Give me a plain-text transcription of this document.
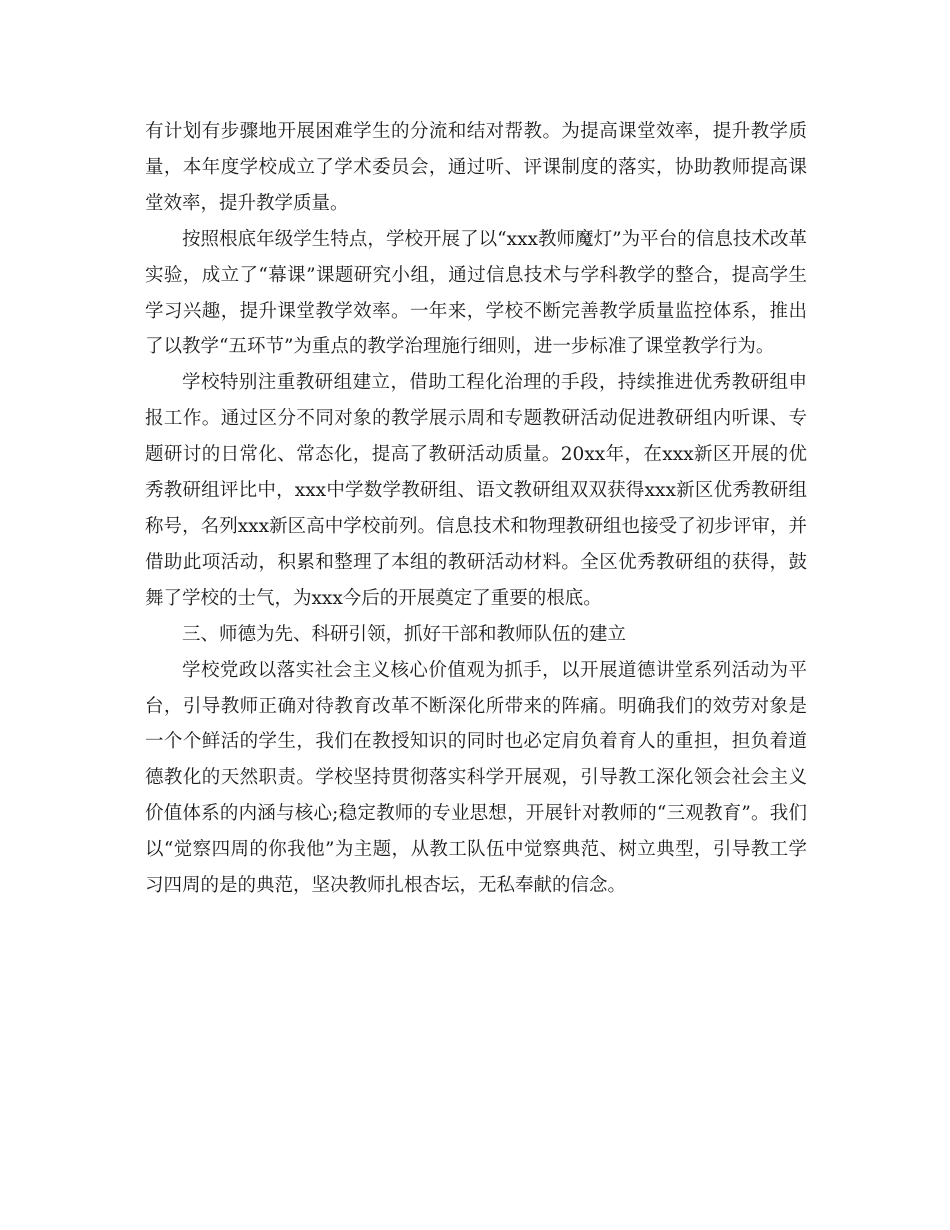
有计划有步骤地开展困难学生的分流和结对帮教。为提高课堂效率，提升教学质量，本年度学校成立了学术委员会，通过听、评课制度的落实，协助教师提高课堂效率，提升教学质量。

按照根底年级学生特点，学校开展了以“xxx教师魔灯”为平台的信息技术改革实验，成立了“幕课”课题研究小组，通过信息技术与学科教学的整合，提高学生学习兴趣，提升课堂教学效率。一年来，学校不断完善教学质量监控体系，推出了以教学“五环节”为重点的教学治理施行细则，进一步标准了课堂教学行为。

学校特别注重教研组建立，借助工程化治理的手段，持续推进优秀教研组申报工作。通过区分不同对象的教学展示周和专题教研活动促进教研组内听课、专题研讨的日常化、常态化，提高了教研活动质量。20xx年，在xxx新区开展的优秀教研组评比中，xxx中学数学教研组、语文教研组双双获得xxx新区优秀教研组称号，名列xxx新区高中学校前列。信息技术和物理教研组也接受了初步评审，并借助此项活动，积累和整理了本组的教研活动材料。全区优秀教研组的获得，鼓舞了学校的士气，为xxx今后的开展奠定了重要的根底。

三、师德为先、科研引领，抓好干部和教师队伍的建立

学校党政以落实社会主义核心价值观为抓手，以开展道德讲堂系列活动为平台，引导教师正确对待教育改革不断深化所带来的阵痛。明确我们的效劳对象是一个个鲜活的学生，我们在教授知识的同时也必定肩负着育人的重担，担负着道德教化的天然职责。学校坚持贯彻落实科学开展观，引导教工深化领会社会主义价值体系的内涵与核心;稳定教师的专业思想，开展针对教师的“三观教育”。我们以“觉察四周的你我他”为主题，从教工队伍中觉察典范、树立典型，引导教工学习四周的是的典范，坚决教师扎根杏坛，无私奉献的信念。
